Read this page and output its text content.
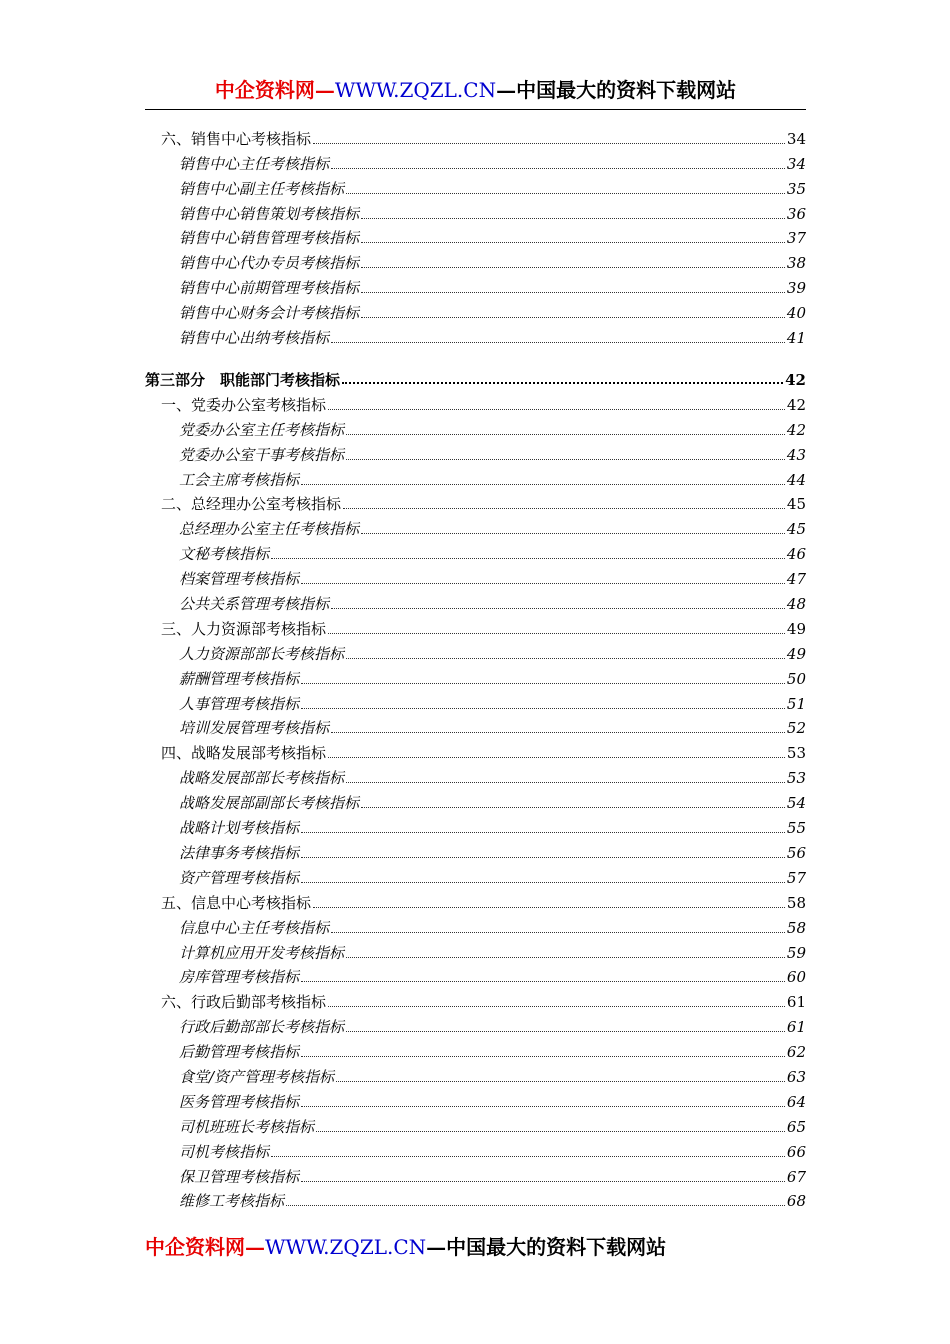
中企资料网—WWW.ZQZL.CN—中国最大的资料下载网站
六、销售中心考核指标	34
销售中心主任考核指标	34
销售中心副主任考核指标	35
销售中心销售策划考核指标	36
销售中心销售管理考核指标	37
销售中心代办专员考核指标	38
销售中心前期管理考核指标	39
销售中心财务会计考核指标	40
销售中心出纳考核指标	41
第三部分　职能部门考核指标	42
一、党委办公室考核指标	42
党委办公室主任考核指标	42
党委办公室干事考核指标	43
工会主席考核指标	44
二、总经理办公室考核指标	45
总经理办公室主任考核指标	45
文秘考核指标	46
档案管理考核指标	47
公共关系管理考核指标	48
三、人力资源部考核指标	49
人力资源部部长考核指标	49
薪酬管理考核指标	50
人事管理考核指标	51
培训发展管理考核指标	52
四、战略发展部考核指标	53
战略发展部部长考核指标	53
战略发展部副部长考核指标	54
战略计划考核指标	55
法律事务考核指标	56
资产管理考核指标	57
五、信息中心考核指标	58
信息中心主任考核指标	58
计算机应用开发考核指标	59
房库管理考核指标	60
六、行政后勤部考核指标	61
行政后勤部部长考核指标	61
后勤管理考核指标	62
食堂/资产管理考核指标	63
医务管理考核指标	64
司机班班长考核指标	65
司机考核指标	66
保卫管理考核指标	67
维修工考核指标	68
中企资料网—WWW.ZQZL.CN—中国最大的资料下载网站
